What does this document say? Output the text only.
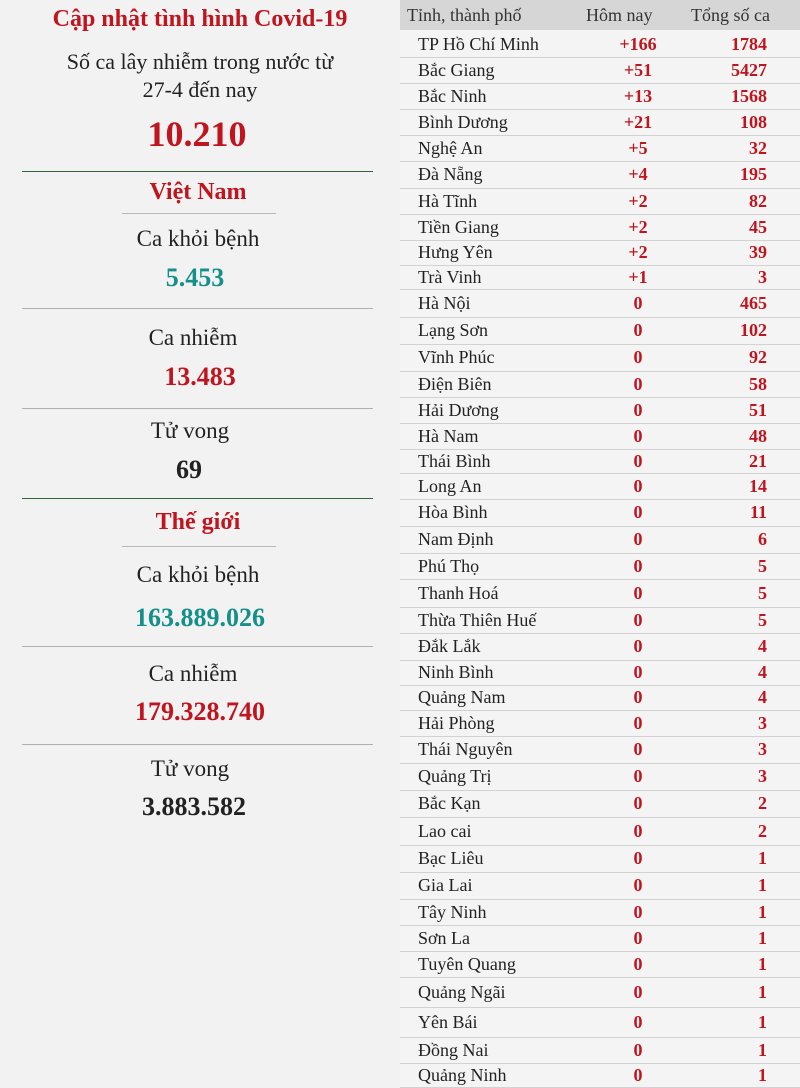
Cập nhật tình hình Covid-19
Số ca lây nhiễm trong nước từ
27-4 đến nay
10.210
Việt Nam
Ca khỏi bệnh
5.453
Ca nhiễm
13.483
Tử vong
69
Thế giới
Ca khỏi bệnh
163.889.026
Ca nhiễm
179.328.740
Tử vong
3.883.582
Tỉnh, thành phố	Hôm nay Tổng số ca
TP Hồ Chí Minh	+166	1784
Bắc Giang	+51	5427
Bắc Ninh	+13	1568
Bình Dương	+21	108
Nghệ An	+5	32
Đà Nẵng	+4	195
Hà Tĩnh	+2	82
Tiền Giang	+2	45
Hưng Yên	+2	39
Trà Vinh	+1	3
Hà Nội	0	465
Lạng Sơn	0	102
Vĩnh Phúc	0	92
Điện Biên	0	58
Hải Dương	0	51
Hà Nam	0	48
Thái Bình	0	21
Long An	0	14
Hòa Bình	0	11
Nam Định	0	6
Phú Thọ	0	5
Thanh Hoá	0	5
Thừa Thiên Huế	0	5
Đắk Lắk	0	4
Ninh Bình	0	4
Quảng Nam	0	4
Hải Phòng	0	3
Thái Nguyên	0	3
Quảng Trị	0	3
Bắc Kạn	0	2
Lao cai	0	2
Bạc Liêu	0	1
Gia Lai	0	1
Tây Ninh	0	1
Sơn La	0	1
Tuyên Quang	0	1
Quảng Ngãi	0	1
Yên Bái	0	1
Đồng Nai	0	1
Quảng Ninh	0	1
